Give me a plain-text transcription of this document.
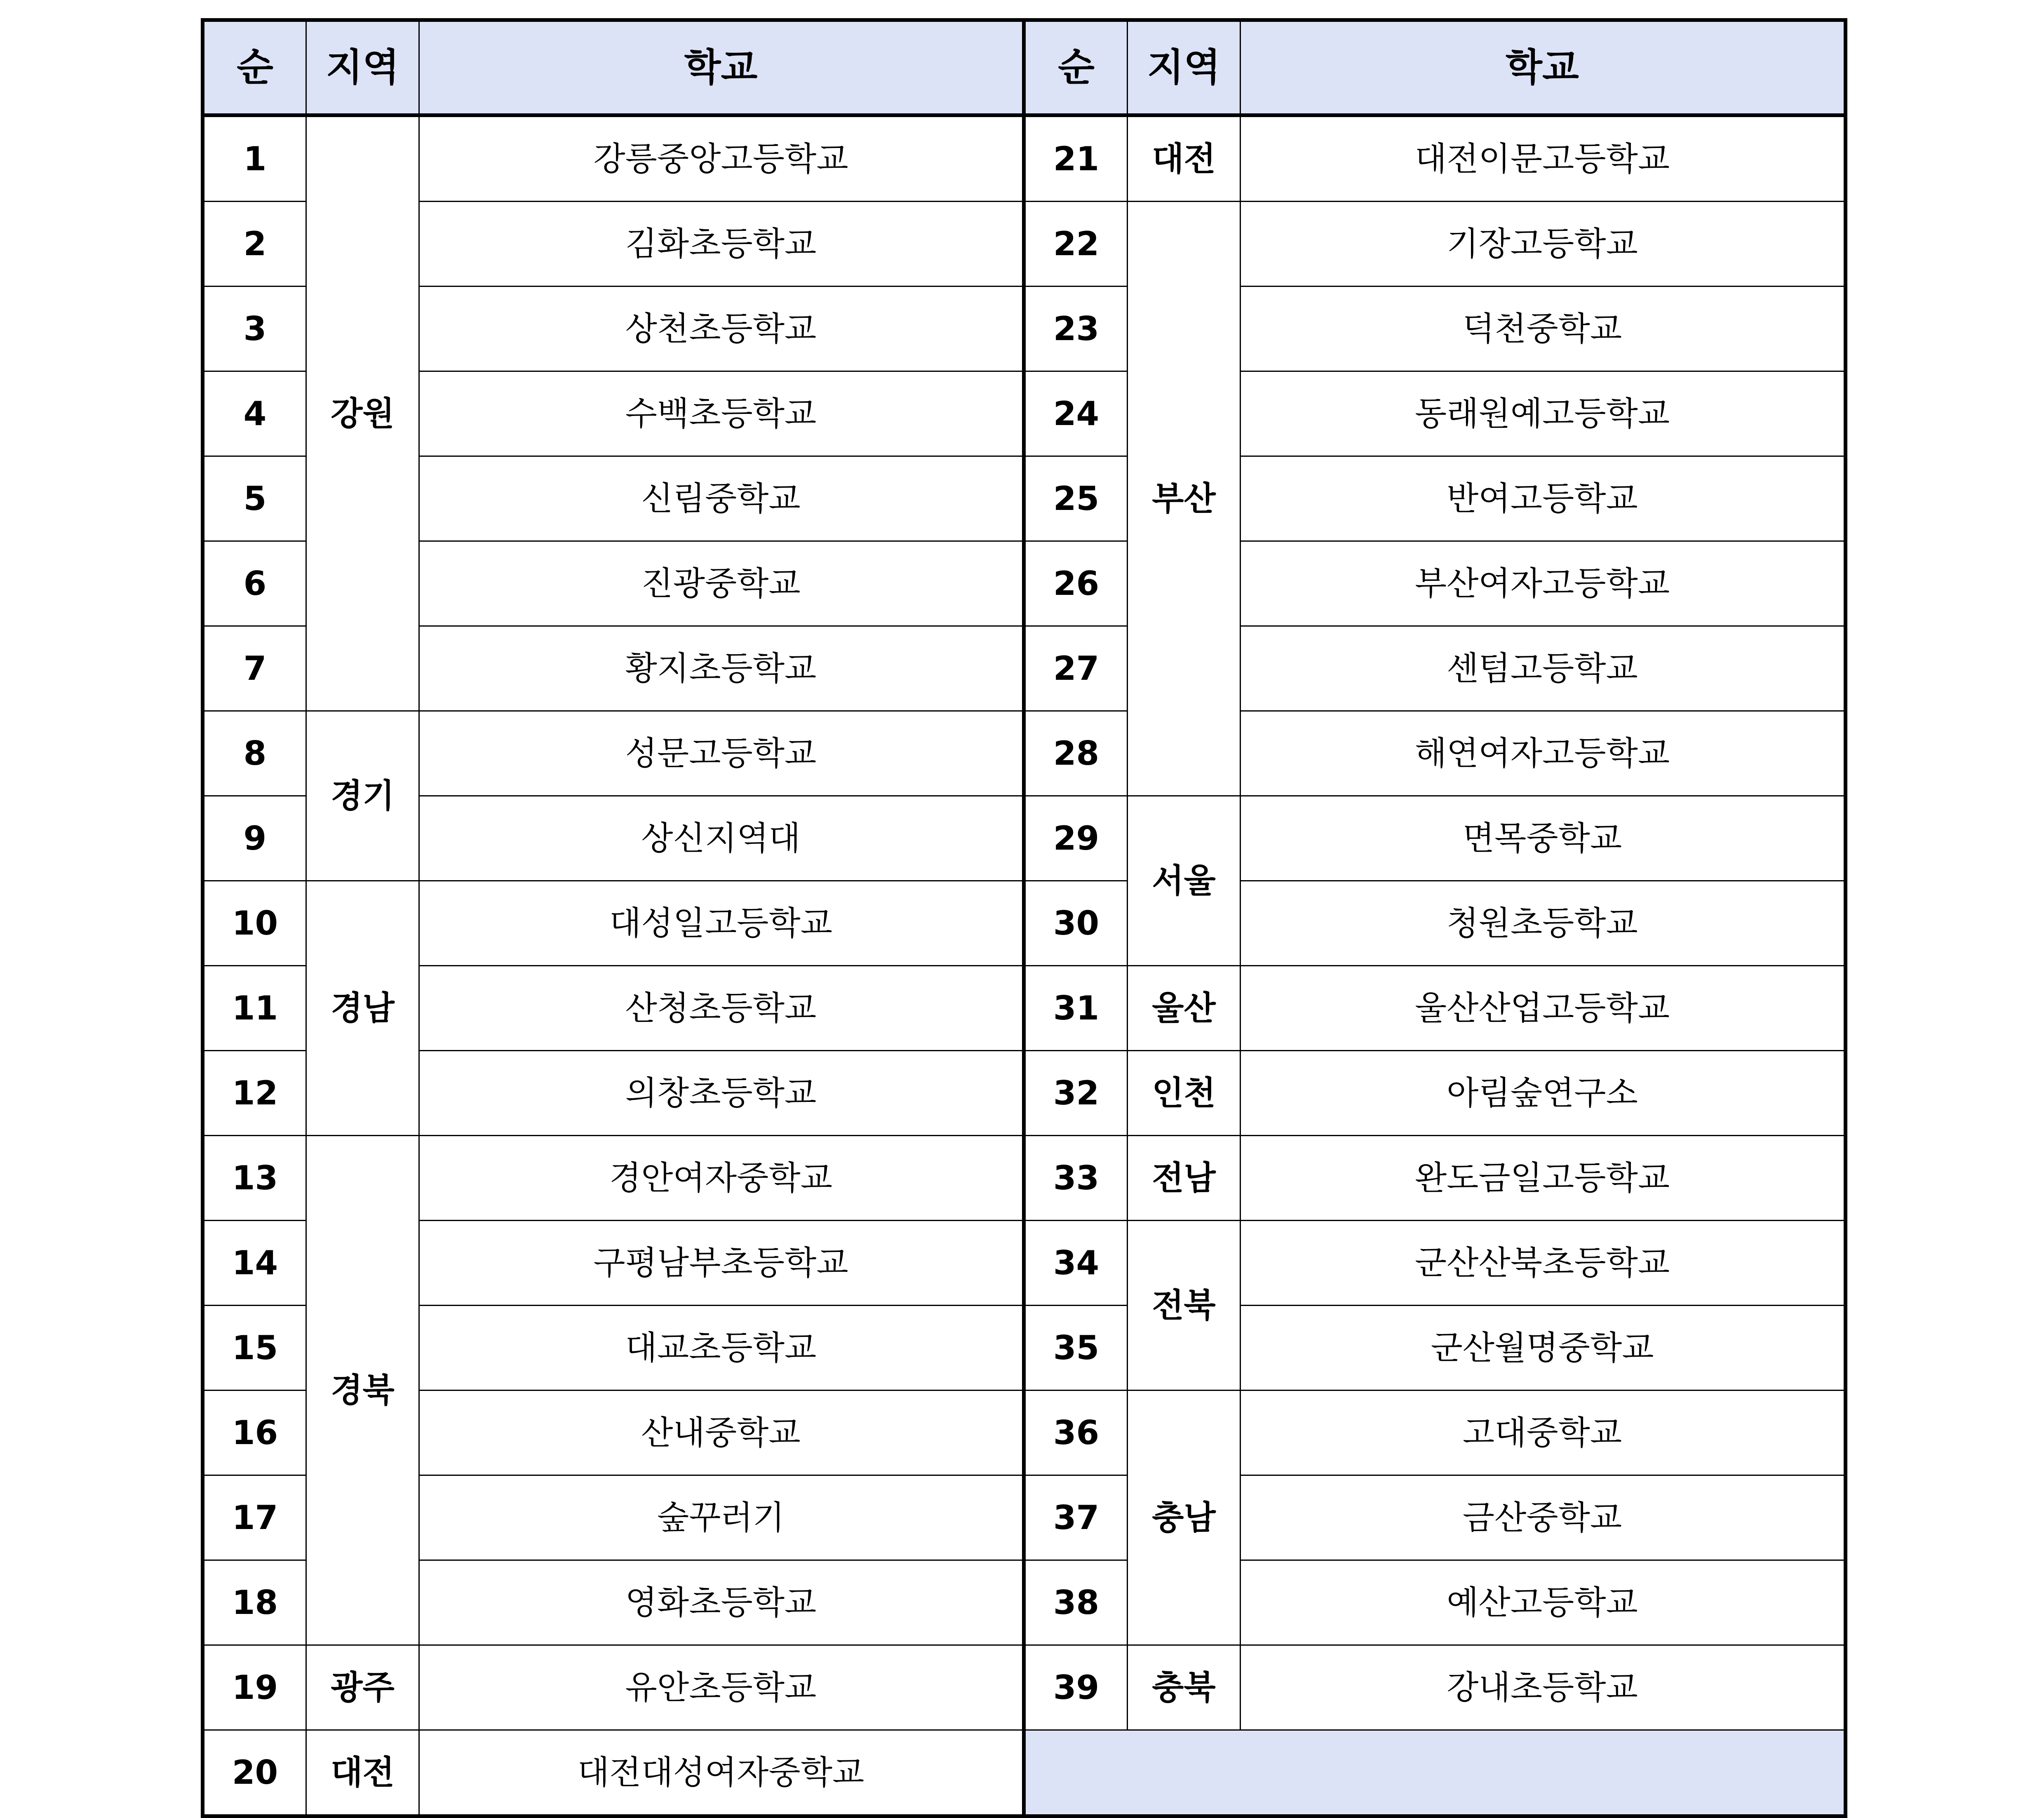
순	지역	학교	순	지역	학교
1	강원	강릉중앙고등학교	21	대전	대전이문고등학교
2		김화초등학교	22	부산	기장고등학교
3		상천초등학교	23		덕천중학교
4		수백초등학교	24		동래원예고등학교
5		신림중학교	25		반여고등학교
6		진광중학교	26		부산여자고등학교
7		황지초등학교	27		센텀고등학교
8	경기	성문고등학교	28		해연여자고등학교
9		상신지역대	29	서울	면목중학교
10	경남	대성일고등학교	30		청원초등학교
11		산청초등학교	31	울산	울산산업고등학교
12		의창초등학교	32	인천	아림숲연구소
13	경북	경안여자중학교	33	전남	완도금일고등학교
14		구평남부초등학교	34	전북	군산산북초등학교
15		대교초등학교	35		군산월명중학교
16		산내중학교	36	충남	고대중학교
17		숲꾸러기	37		금산중학교
18		영화초등학교	38		예산고등학교
19	광주	유안초등학교	39	충북	강내초등학교
20	대전	대전대성여자중학교			
